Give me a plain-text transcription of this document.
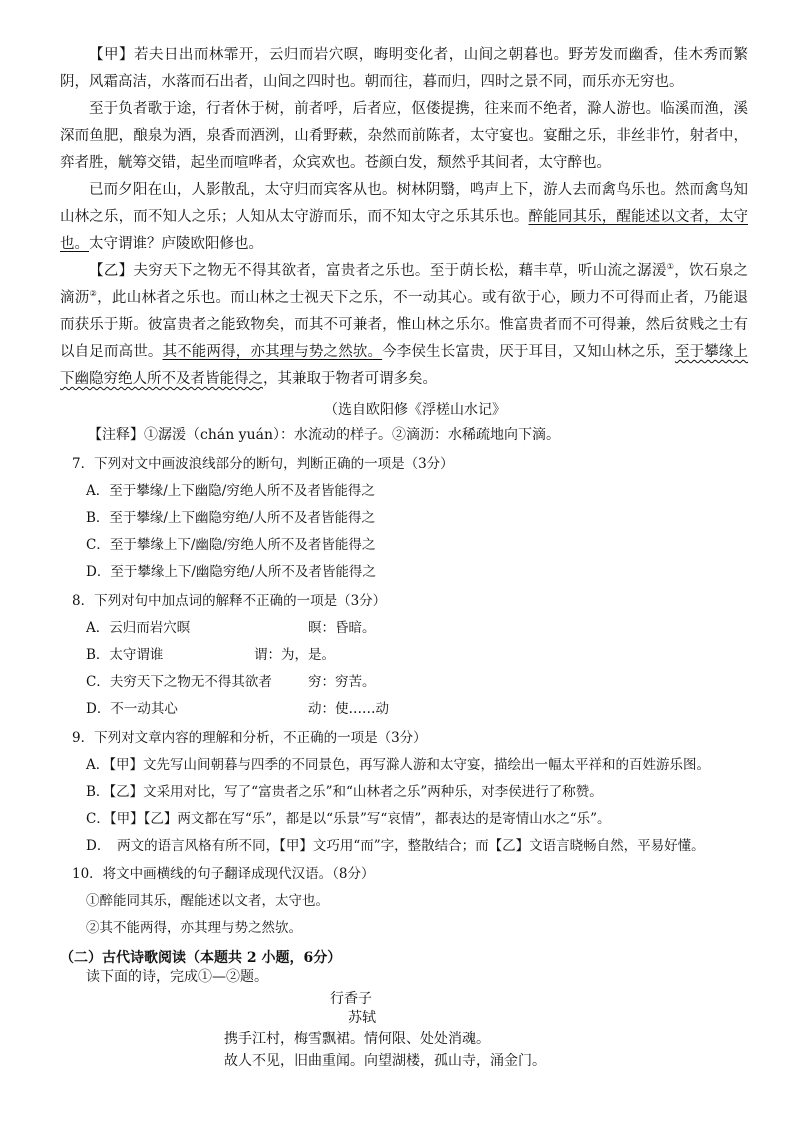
【甲】若夫日出而林霏开，云归而岩穴暝，晦明变化者，山间之朝暮也。野芳发而幽香，佳木秀而繁阴，风霜高洁，水落而石出者，山间之四时也。朝而往，暮而归，四时之景不同，而乐亦无穷也。

至于负者歌于途，行者休于树，前者呼，后者应，伛偻提携，往来而不绝者，滁人游也。临溪而渔，溪深而鱼肥，酿泉为酒，泉香而酒洌，山肴野蔌，杂然而前陈者，太守宴也。宴酣之乐，非丝非竹，射者中，弈者胜，觥筹交错，起坐而喧哗者，众宾欢也。苍颜白发，颓然乎其间者，太守醉也。

已而夕阳在山，人影散乱，太守归而宾客从也。树林阴翳，鸣声上下，游人去而禽鸟乐也。然而禽鸟知山林之乐，而不知人之乐；人知从太守游而乐，而不知太守之乐其乐也。醉能同其乐，醒能述以文者，太守也。太守谓谁？庐陵欧阳修也。

【乙】夫穷天下之物无不得其欲者，富贵者之乐也。至于荫长松，藉丰草，听山流之潺湲①，饮石泉之滴沥②，此山林者之乐也。而山林之士视天下之乐，不一动其心。或有欲于心，顾力不可得而止者，乃能退而获乐于斯。彼富贵者之能致物矣，而其不可兼者，惟山林之乐尔。惟富贵者而不可得兼，然后贫贱之士有以自足而高世。其不能两得，亦其理与势之然欤。今李侯生长富贵，厌于耳目，又知山林之乐，至于攀缘上下幽隐穷绝人所不及者皆能得之，其兼取于物者可谓多矣。

（选自欧阳修《浮槎山水记》
【注释】①潺湲（chán yuán）：水流动的样子。②滴沥：水稀疏地向下滴。
7．下列对文中画波浪线部分的断句，判断正确的一项是（3分）
A．至于攀缘/上下幽隐/穷绝人所不及者皆能得之
B．至于攀缘/上下幽隐穷绝/人所不及者皆能得之
C．至于攀缘上下/幽隐/穷绝人所不及者皆能得之
D．至于攀缘上下/幽隐穷绝/人所不及者皆能得之
8．下列对句中加点词的解释不正确的一项是（3分）
A．云归而岩穴暝	暝：昏暗。
B．太守谓谁	谓：为，是。
C．夫穷天下之物无不得其欲者	穷：穷苦。
D．不一动其心	动：使……动
9．下列对文章内容的理解和分析，不正确的一项是（3分）
A．【甲】文先写山间朝暮与四季的不同景色，再写滁人游和太守宴，描绘出一幅太平祥和的百姓游乐图。
B．【乙】文采用对比，写了“富贵者之乐”和“山林者之乐”两种乐，对李侯进行了称赞。
C．【甲】【乙】两文都在写“乐”，都是以“乐景”写“哀情”，都表达的是寄情山水之“乐”。
D．　两文的语言风格有所不同，【甲】文巧用“而”字，整散结合；而【乙】文语言晓畅自然，平易好懂。
10．将文中画横线的句子翻译成现代汉语。（8分）
①醉能同其乐，醒能述以文者，太守也。
②其不能两得，亦其理与势之然欤。
（二）古代诗歌阅读（本题共 2 小题，6分）
读下面的诗，完成①—②题。
行香子
苏轼
携手江村，梅雪飘裙。情何限、处处消魂。
故人不见，旧曲重闻。向望湖楼，孤山寺，涌金门。
